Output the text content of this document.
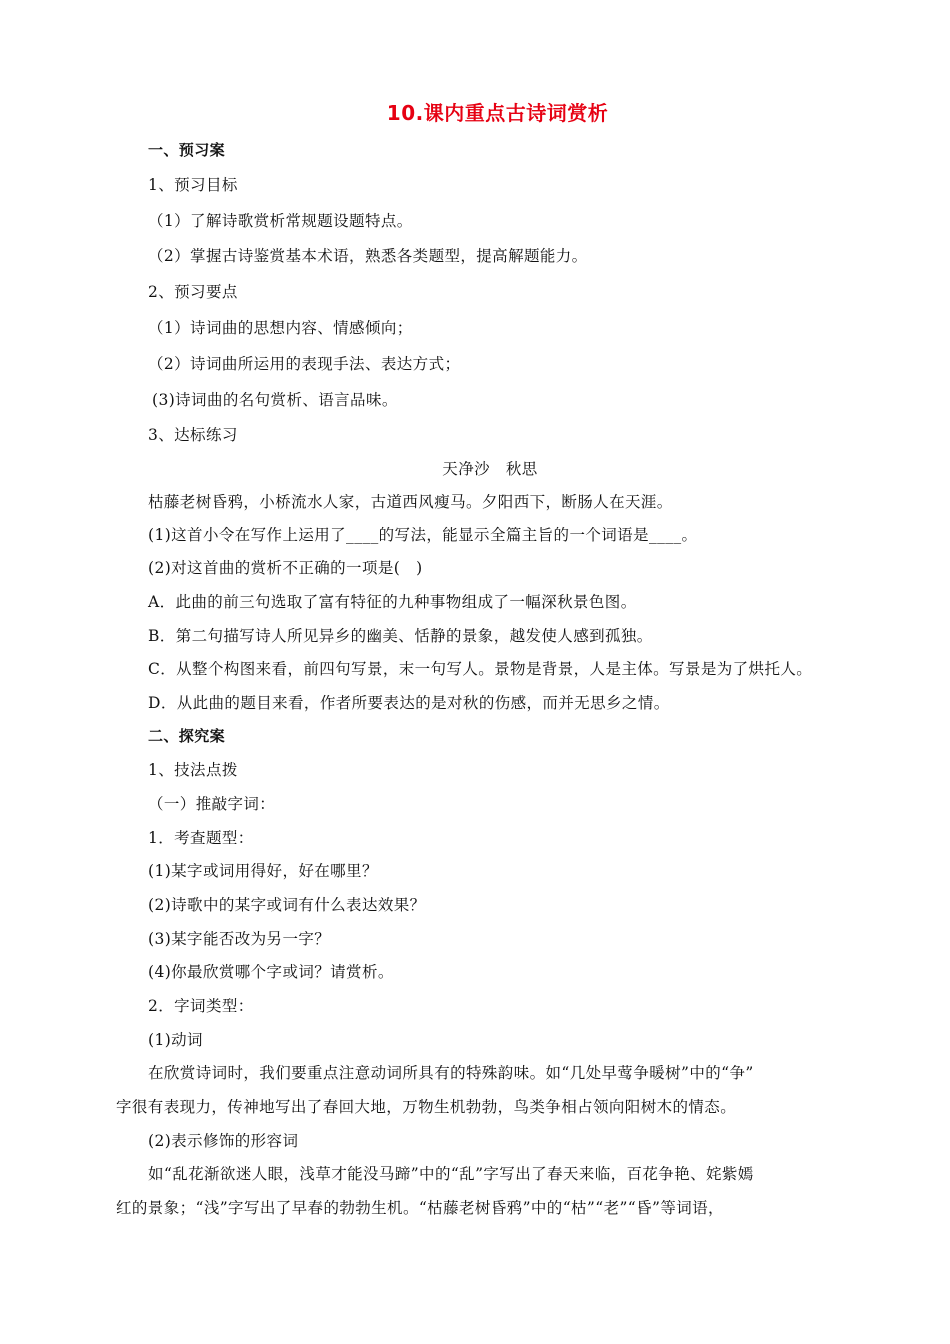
10.课内重点古诗词赏析
一、预习案
1、预习目标
（1）了解诗歌赏析常规题设题特点。
（2）掌握古诗鉴赏基本术语，熟悉各类题型，提高解题能力。
2、预习要点
（1）诗词曲的思想内容、情感倾向；
（2）诗词曲所运用的表现手法、表达方式；
(3)诗词曲的名句赏析、语言品味。
3、达标练习
天净沙　秋思
枯藤老树昏鸦，小桥流水人家，古道西风瘦马。夕阳西下，断肠人在天涯。
(1)这首小令在写作上运用了____的写法，能显示全篇主旨的一个词语是____。
(2)对这首曲的赏析不正确的一项是(　)
A．此曲的前三句选取了富有特征的九种事物组成了一幅深秋景色图。
B．第二句描写诗人所见异乡的幽美、恬静的景象，越发使人感到孤独。
C．从整个构图来看，前四句写景，末一句写人。景物是背景，人是主体。写景是为了烘托人。
D．从此曲的题目来看，作者所要表达的是对秋的伤感，而并无思乡之情。
二、探究案
1、技法点拨
（一）推敲字词：
1．考查题型：
(1)某字或词用得好，好在哪里？
(2)诗歌中的某字或词有什么表达效果？
(3)某字能否改为另一字？
(4)你最欣赏哪个字或词？请赏析。
2．字词类型：
(1)动词
在欣赏诗词时，我们要重点注意动词所具有的特殊韵味。如“几处早莺争暖树”中的“争”
字很有表现力，传神地写出了春回大地，万物生机勃勃，鸟类争相占领向阳树木的情态。
(2)表示修饰的形容词
如“乱花渐欲迷人眼，浅草才能没马蹄”中的“乱”字写出了春天来临，百花争艳、姹紫嫣
红的景象；“浅”字写出了早春的勃勃生机。“枯藤老树昏鸦”中的“枯”“老”“昏”等词语，
